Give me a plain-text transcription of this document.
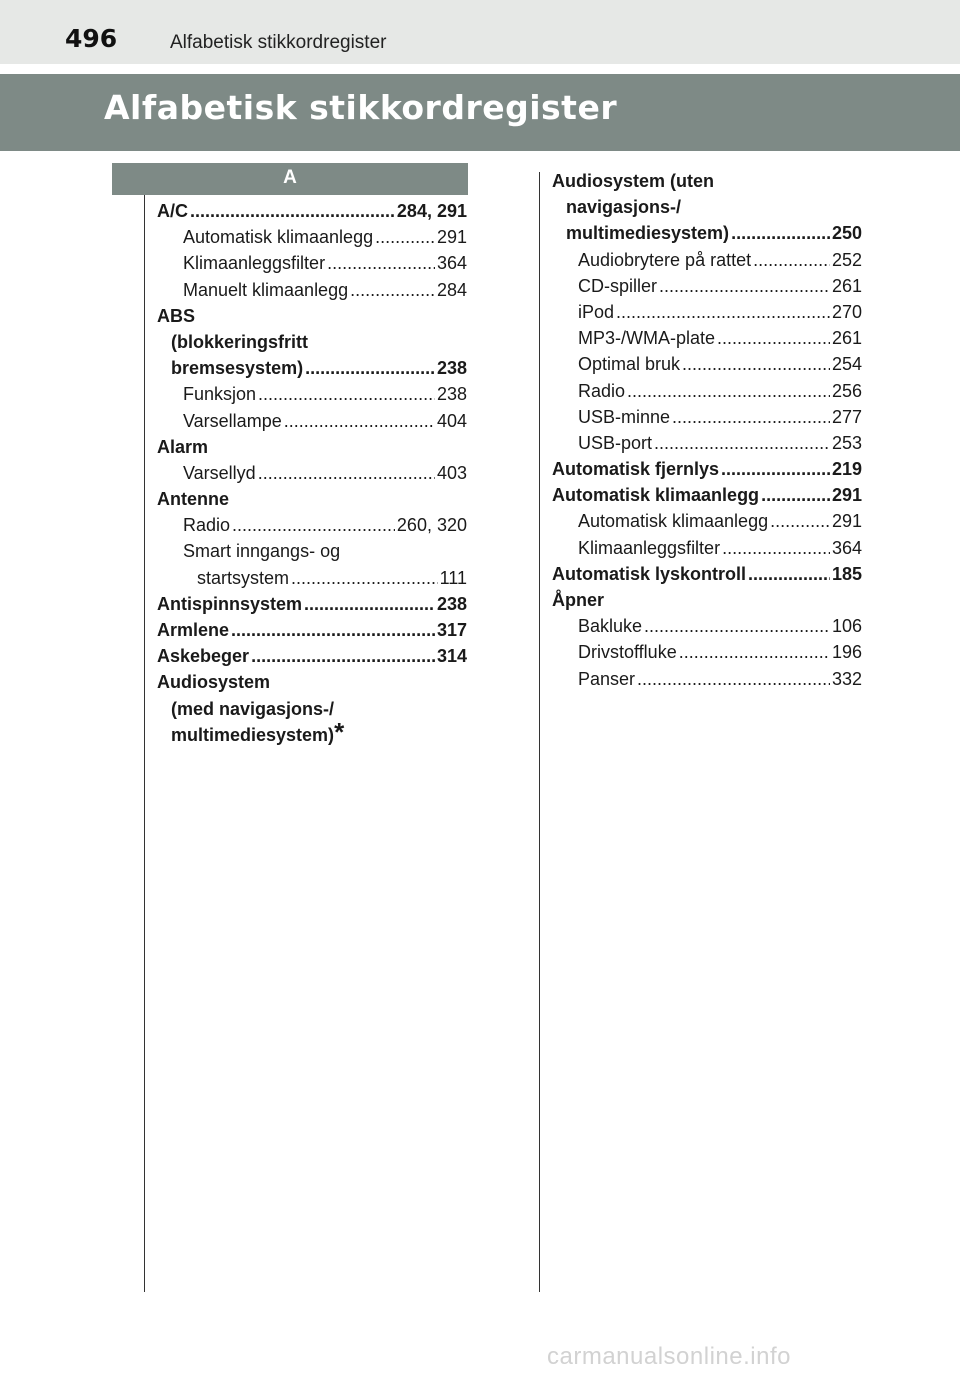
496	Alfabetisk stikkordregister
Alfabetisk stikkordregister
A
A/C .....	284, 291
Automatisk klimaanlegg .....	291
Klimaanleggsfilter .....	364
Manuelt klimaanlegg .....	284
ABS
(blokkeringsfritt
bremsesystem) .....	238
Funksjon .....	238
Varsellampe .....	404
Alarm
Varsellyd .....	403
Antenne
Radio .....	260, 320
Smart inngangs- og
startsystem .....	111
Antispinnsystem .....	238
Armlene .....	317
Askebeger .....	314
Audiosystem
(med navigasjons-/
multimediesystem) *
Audiosystem (uten
navigasjons-/
multimediesystem) .....	250
Audiobrytere på rattet .....	252
CD-spiller .....	261
iPod .....	270
MP3-/WMA-plate .....	261
Optimal bruk .....	254
Radio .....	256
USB-minne .....	277
USB-port .....	253
Automatisk fjernlys .....	219
Automatisk klimaanlegg .....	291
Automatisk klimaanlegg .....	291
Klimaanleggsfilter .....	364
Automatisk lyskontroll .....	185
Åpner
Bakluke .....	106
Drivstoffluke .....	196
Panser .....	332
carmanualsonline.info
